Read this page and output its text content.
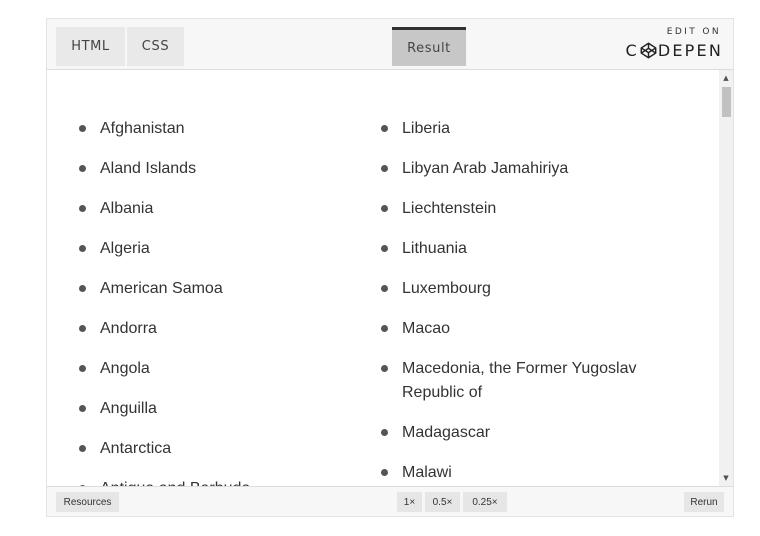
HTML	CSS	Result
EDIT ON
C DEPEN
Afghanistan
Aland Islands
Albania
Algeria
American Samoa
Andorra
Angola
Anguilla
Antarctica
Liberia
Libyan Arab Jamahiriya
Liechtenstein
Lithuania
Luxembourg
Macao
Macedonia, the Former Yugoslav Republic of
Madagascar
Malawi
▲
▼
Resources	1×	0.5×	0.25×	Rerun
